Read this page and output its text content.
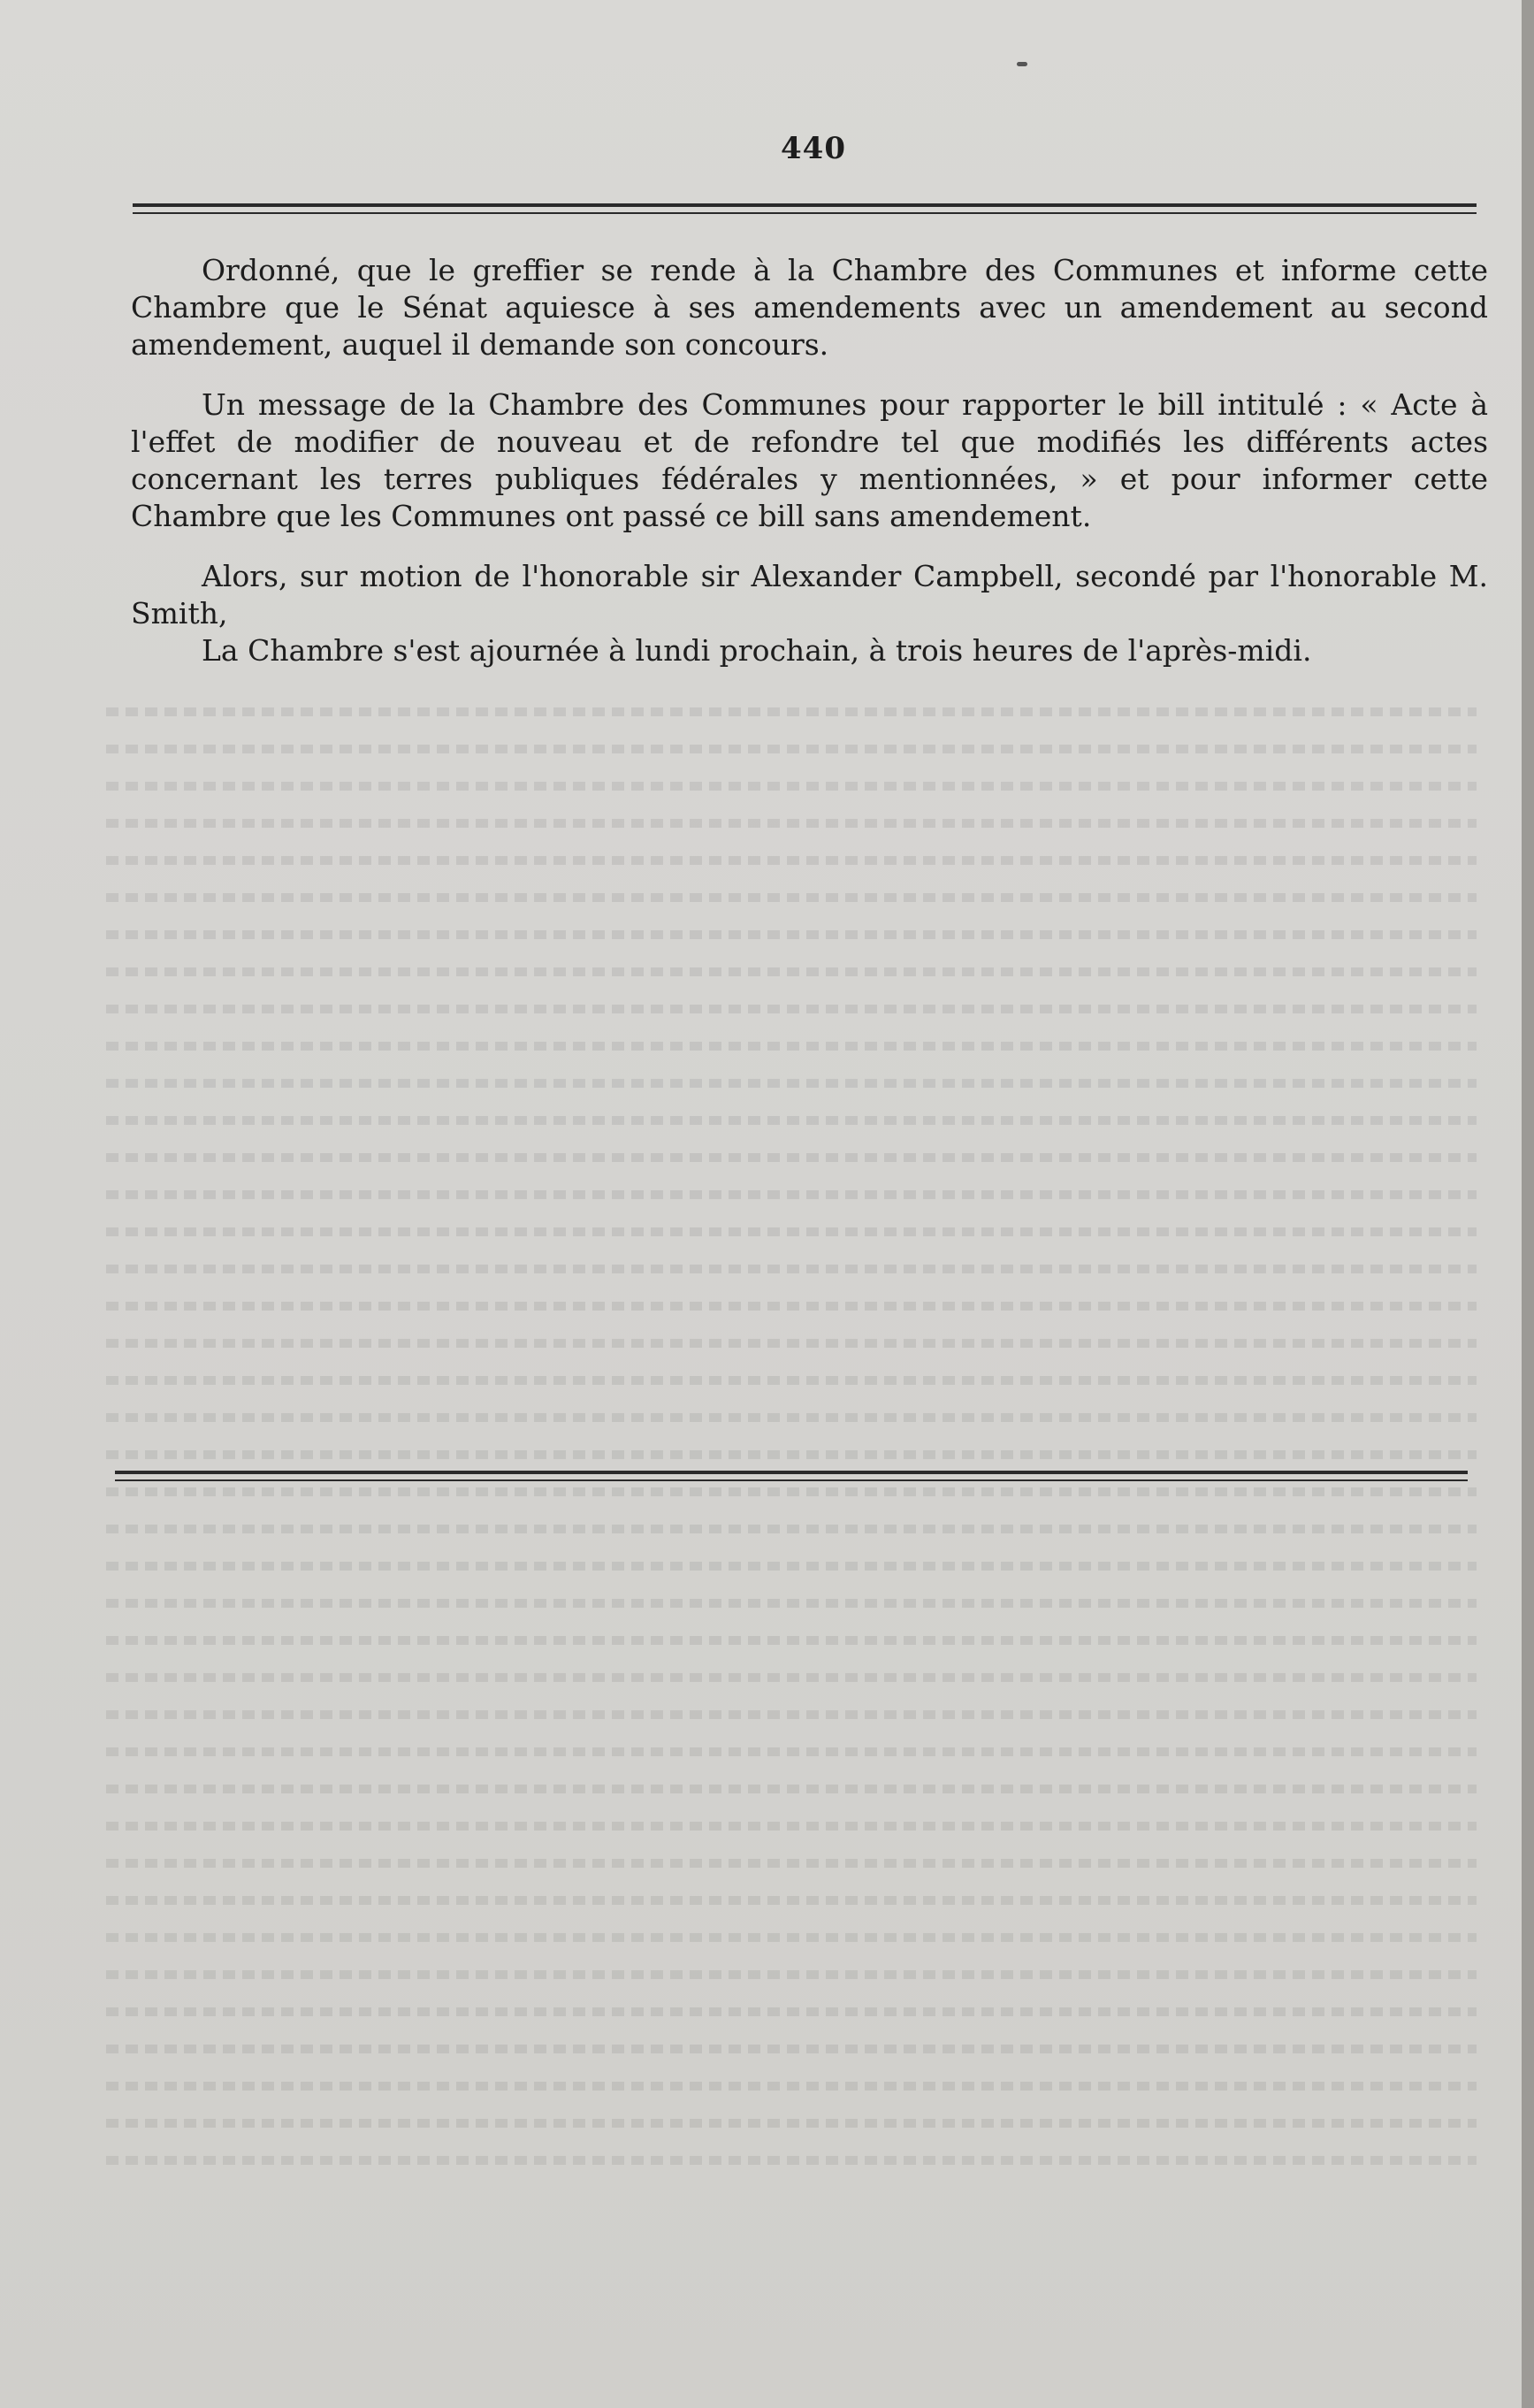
440

Ordonné, que le greffier se rende à la Chambre des Communes et informe cette Chambre que le Sénat aquiesce à ses amendements avec un amendement au second amendement, auquel il demande son concours.

Un message de la Chambre des Communes pour rapporter le bill intitulé : « Acte à l'effet de modifier de nouveau et de refondre tel que modifiés les différents actes concernant les terres publiques fédérales y mentionnées, » et pour informer cette Chambre que les Communes ont passé ce bill sans amendement.

Alors, sur motion de l'honorable sir Alexander Campbell, secondé par l'honorable M. Smith,

La Chambre s'est ajournée à lundi prochain, à trois heures de l'après-midi.
